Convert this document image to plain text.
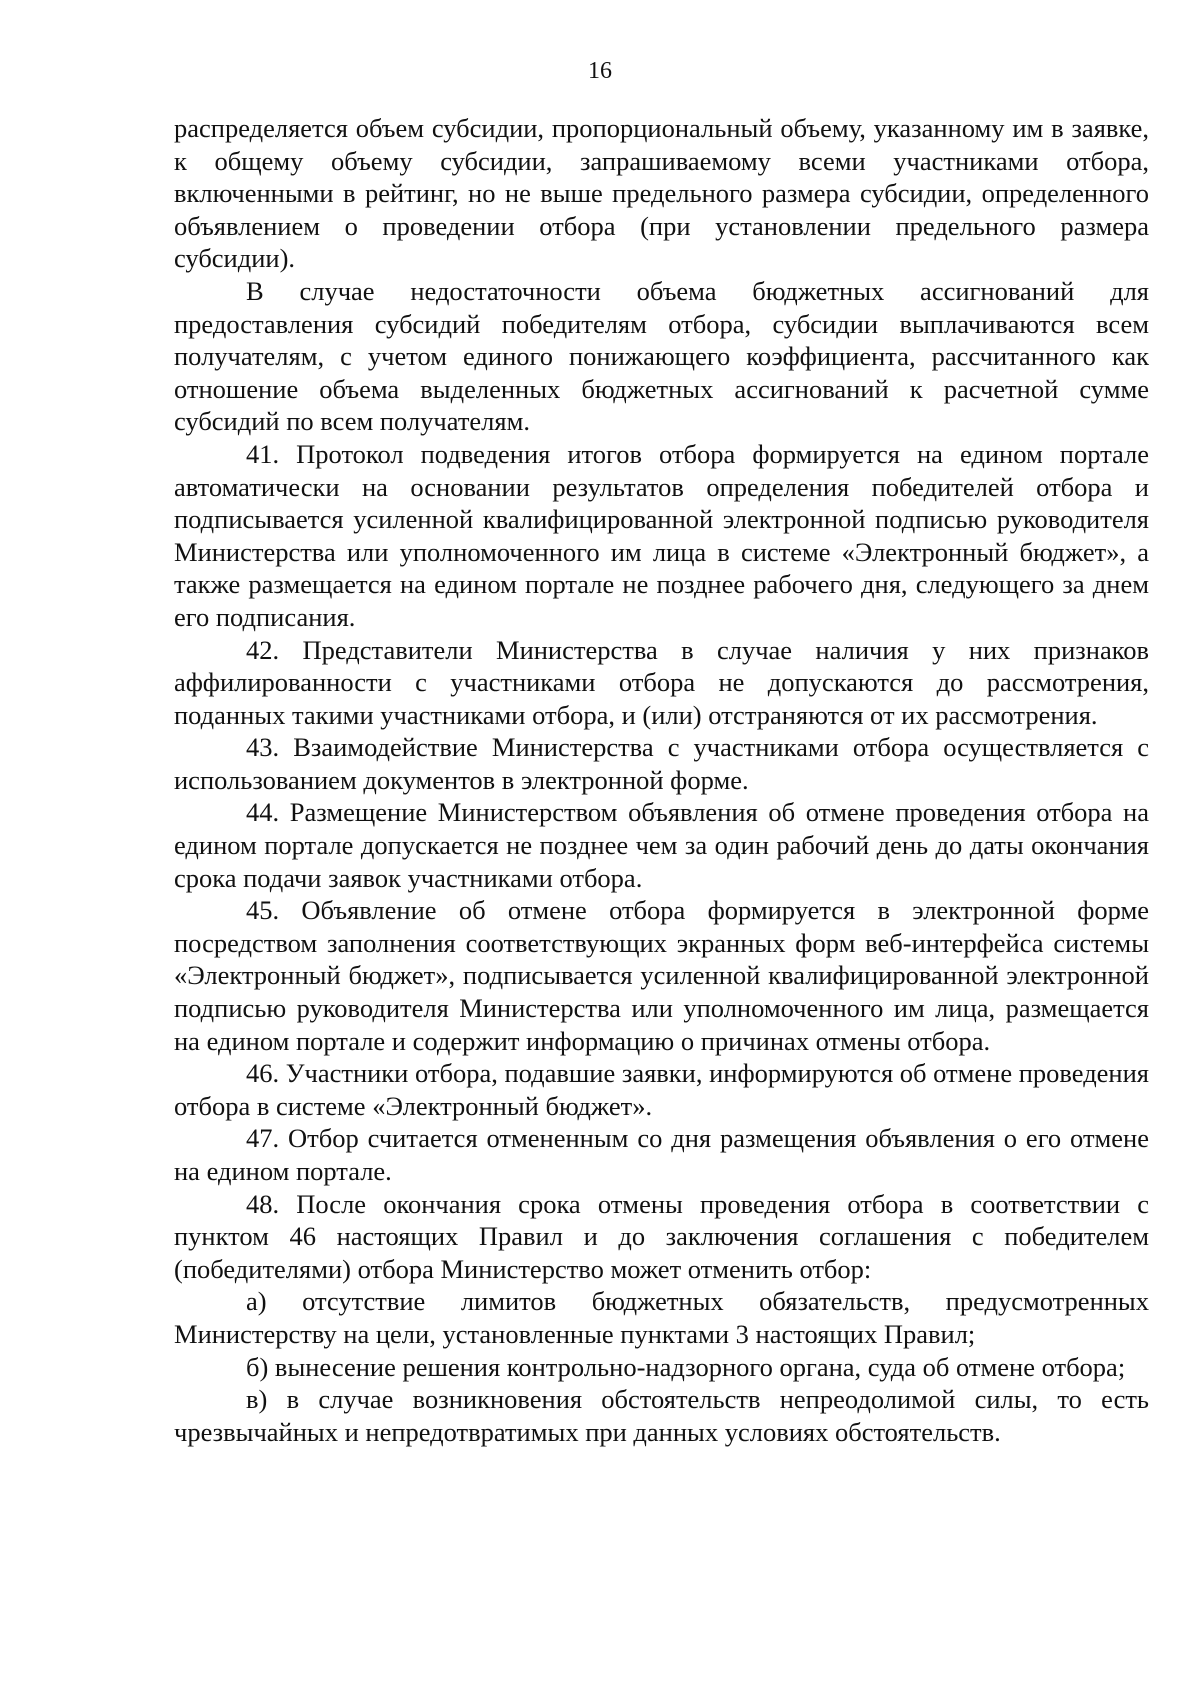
16

распределяется объем субсидии, пропорциональный объему, указанному им в заявке, к общему объему субсидии, запрашиваемому всеми участниками отбора, включенными в рейтинг, но не выше предельного размера субсидии, определенного объявлением о проведении отбора (при установлении предельного размера субсидии).

В случае недостаточности объема бюджетных ассигнований для предоставления субсидий победителям отбора, субсидии выплачиваются всем получателям, с учетом единого понижающего коэффициента, рассчитанного как отношение объема выделенных бюджетных ассигнований к расчетной сумме субсидий по всем получателям.

41. Протокол подведения итогов отбора формируется на едином портале автоматически на основании результатов определения победителей отбора и подписывается усиленной квалифицированной электронной подписью руководителя Министерства или уполномоченного им лица в системе «Электронный бюджет», а также размещается на едином портале не позднее рабочего дня, следующего за днем его подписания.

42. Представители Министерства в случае наличия у них признаков аффилированности с участниками отбора не допускаются до рассмотрения, поданных такими участниками отбора, и (или) отстраняются от их рассмотрения.

43. Взаимодействие Министерства с участниками отбора осуществляется с использованием документов в электронной форме.

44. Размещение Министерством объявления об отмене проведения отбора на едином портале допускается не позднее чем за один рабочий день до даты окончания срока подачи заявок участниками отбора.

45. Объявление об отмене отбора формируется в электронной форме посредством заполнения соответствующих экранных форм веб-интерфейса системы «Электронный бюджет», подписывается усиленной квалифицированной электронной подписью руководителя Министерства или уполномоченного им лица, размещается на едином портале и содержит информацию о причинах отмены отбора.

46. Участники отбора, подавшие заявки, информируются об отмене проведения отбора в системе «Электронный бюджет».

47. Отбор считается отмененным со дня размещения объявления о его отмене на едином портале.

48. После окончания срока отмены проведения отбора в соответствии с пунктом 46 настоящих Правил и до заключения соглашения с победителем (победителями) отбора Министерство может отменить отбор:

а) отсутствие лимитов бюджетных обязательств, предусмотренных Министерству на цели, установленные пунктами 3 настоящих Правил;

б) вынесение решения контрольно-надзорного органа, суда об отмене отбора;

в) в случае возникновения обстоятельств непреодолимой силы, то есть чрезвычайных и непредотвратимых при данных условиях обстоятельств.
